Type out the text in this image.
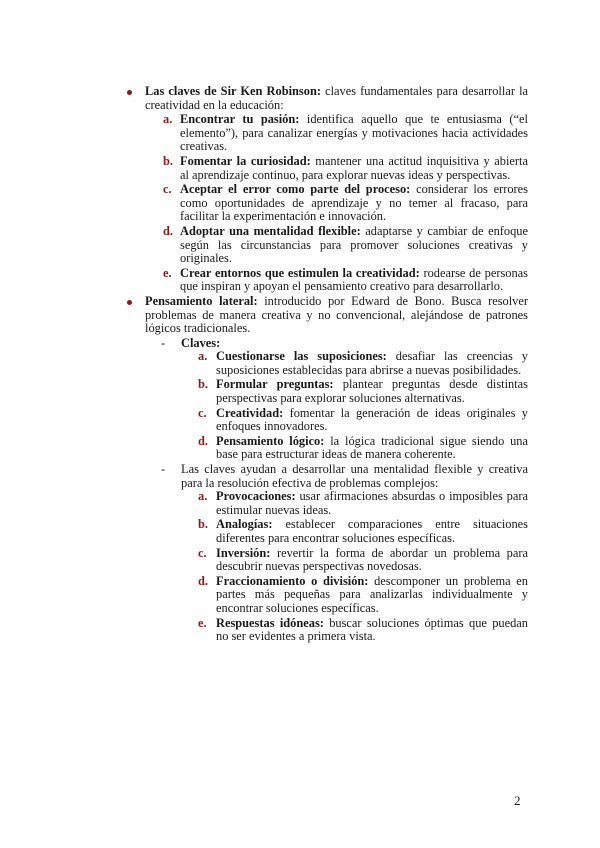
Las claves de Sir Ken Robinson: claves fundamentales para desarrollar la creatividad en la educación:
a. Encontrar tu pasión: identifica aquello que te entusiasma (“el elemento”), para canalizar energías y motivaciones hacia actividades creativas.
b. Fomentar la curiosidad: mantener una actitud inquisitiva y abierta al aprendizaje continuo, para explorar nuevas ideas y perspectivas.
c. Aceptar el error como parte del proceso: considerar los errores como oportunidades de aprendizaje y no temer al fracaso, para facilitar la experimentación e innovación.
d. Adoptar una mentalidad flexible: adaptarse y cambiar de enfoque según las circunstancias para promover soluciones creativas y originales.
e. Crear entornos que estimulen la creatividad: rodearse de personas que inspiran y apoyan el pensamiento creativo para desarrollarlo.
Pensamiento lateral: introducido por Edward de Bono. Busca resolver problemas de manera creativa y no convencional, alejándose de patrones lógicos tradicionales.
- Claves:
a. Cuestionarse las suposiciones: desafiar las creencias y suposiciones establecidas para abrirse a nuevas posibilidades.
b. Formular preguntas: plantear preguntas desde distintas perspectivas para explorar soluciones alternativas.
c. Creatividad: fomentar la generación de ideas originales y enfoques innovadores.
d. Pensamiento lógico: la lógica tradicional sigue siendo una base para estructurar ideas de manera coherente.
- Las claves ayudan a desarrollar una mentalidad flexible y creativa para la resolución efectiva de problemas complejos:
a. Provocaciones: usar afirmaciones absurdas o imposibles para estimular nuevas ideas.
b. Analogías: establecer comparaciones entre situaciones diferentes para encontrar soluciones específicas.
c. Inversión: revertir la forma de abordar un problema para descubrir nuevas perspectivas novedosas.
d. Fraccionamiento o división: descomponer un problema en partes más pequeñas para analizarlas individualmente y encontrar soluciones específicas.
e. Respuestas idóneas: buscar soluciones óptimas que puedan no ser evidentes a primera vista.
2
